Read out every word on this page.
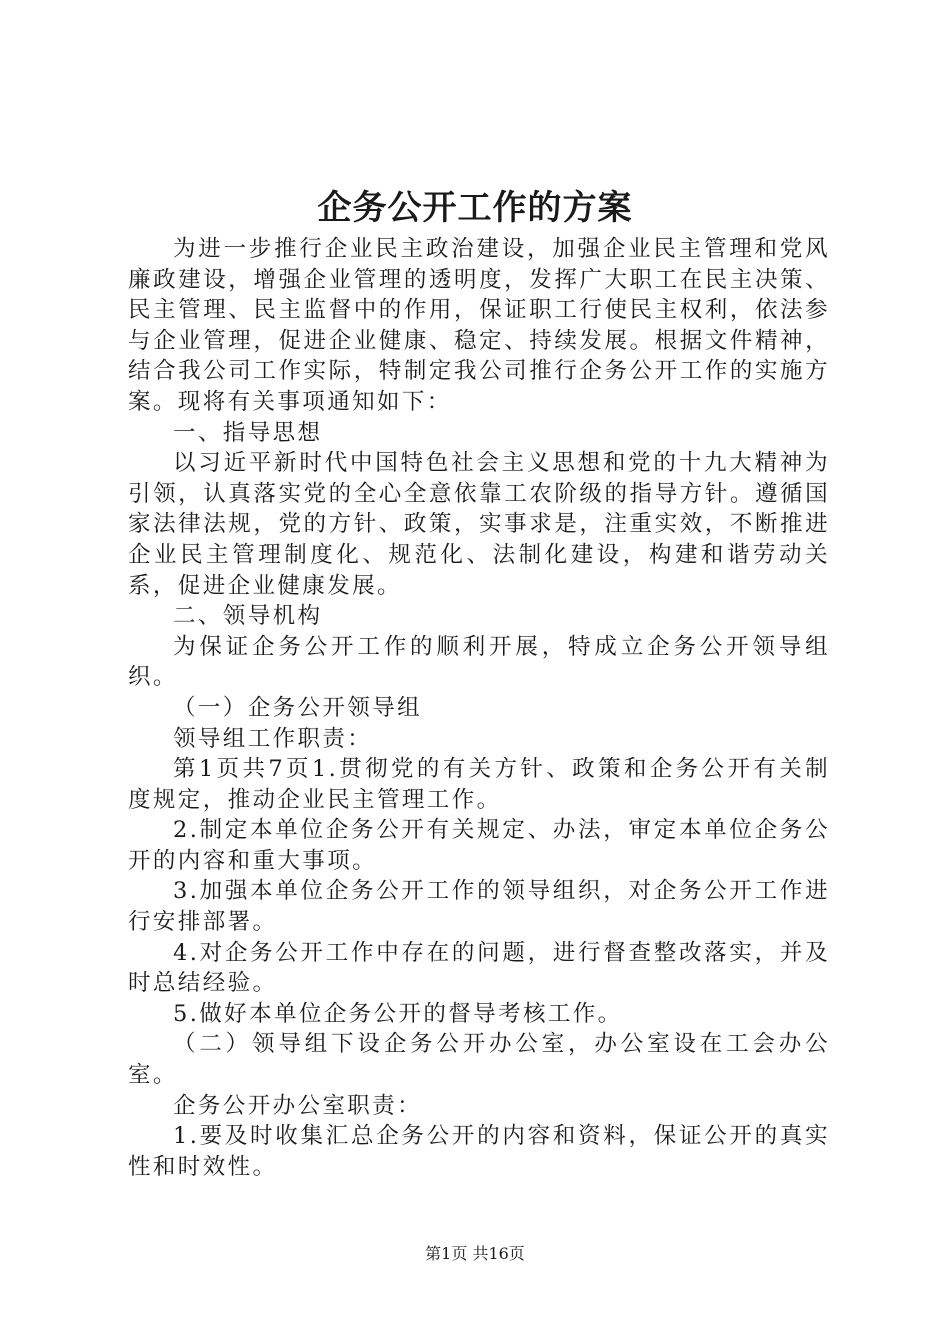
企务公开工作的方案

为进一步推行企业民主政治建设，加强企业民主管理和党风廉政建设，增强企业管理的透明度，发挥广大职工在民主决策、民主管理、民主监督中的作用，保证职工行使民主权利，依法参与企业管理，促进企业健康、稳定、持续发展。根据文件精神，结合我公司工作实际，特制定我公司推行企务公开工作的实施方案。现将有关事项通知如下：

一、指导思想

以习近平新时代中国特色社会主义思想和党的十九大精神为引领，认真落实党的全心全意依靠工农阶级的指导方针。遵循国家法律法规，党的方针、政策，实事求是，注重实效，不断推进企业民主管理制度化、规范化、法制化建设，构建和谐劳动关系，促进企业健康发展。

二、领导机构

为保证企务公开工作的顺利开展，特成立企务公开领导组织。

（一）企务公开领导组

领导组工作职责：

第1页共7页1.贯彻党的有关方针、政策和企务公开有关制度规定，推动企业民主管理工作。

2.制定本单位企务公开有关规定、办法，审定本单位企务公开的内容和重大事项。

3.加强本单位企务公开工作的领导组织，对企务公开工作进行安排部署。

4.对企务公开工作中存在的问题，进行督查整改落实，并及时总结经验。

5.做好本单位企务公开的督导考核工作。

（二）领导组下设企务公开办公室，办公室设在工会办公室。

企务公开办公室职责：

1.要及时收集汇总企务公开的内容和资料，保证公开的真实性和时效性。

第1页 共16页
